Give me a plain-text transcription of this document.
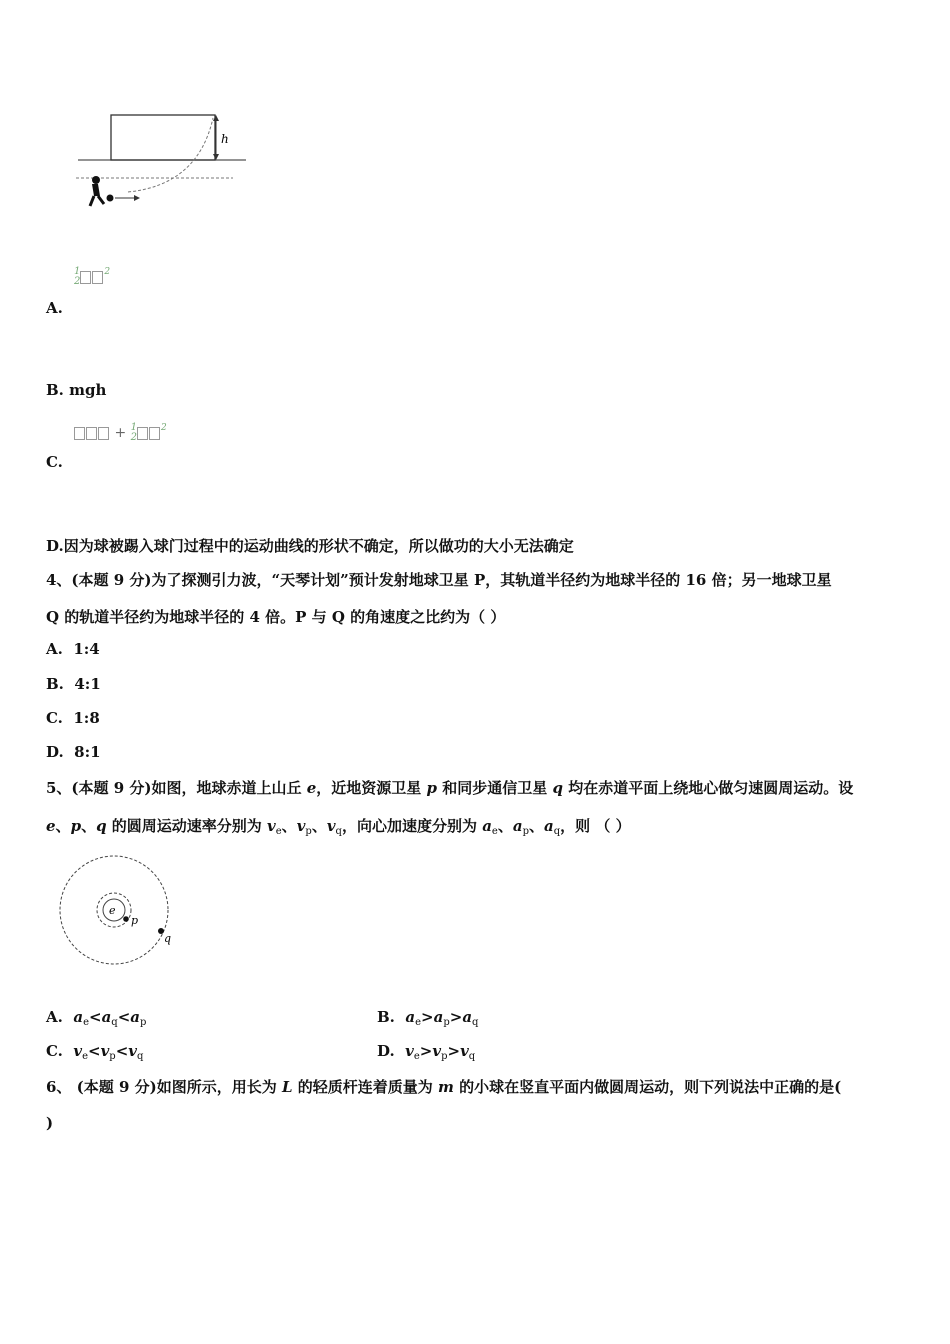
h
1
$2^2$
A.
B. mgh
+ 1
$2^2$
C.
D.因为球被踢入球门过程中的运动曲线的形状不确定，所以做功的大小无法确定
4、(本题 9 分)为了探测引力波，“天琴计划”预计发射地球卫星 P，其轨道半径约为地球半径的 16 倍；另一地球卫星
Q 的轨道半径约为地球半径的 4 倍。P 与 Q 的角速度之比约为（ ）
A. 1:4
B. 4:1
C. 1:8
D. 8:1
5、(本题 9 分)如图，地球赤道上山丘 e，近地资源卫星 p 和同步通信卫星 q 均在赤道平面上绕地心做匀速圆周运动。设
e、p、q 的圆周运动速率分别为 $v_e$、$v_p$、$v_q$，向心加速度分别为 $a_e$、$a_p$、$a_q$，则 （ ）
e
p
q
A. $a_e<a_q<a_p$	B. $a_e>a_p>a_q$
C. $v_e<v_p<v_q$	D. $v_e>v_p>v_q$
6、 (本题 9 分)如图所示，用长为 L 的轻质杆连着质量为 m 的小球在竖直平面内做圆周运动，则下列说法中正确的是(
)
